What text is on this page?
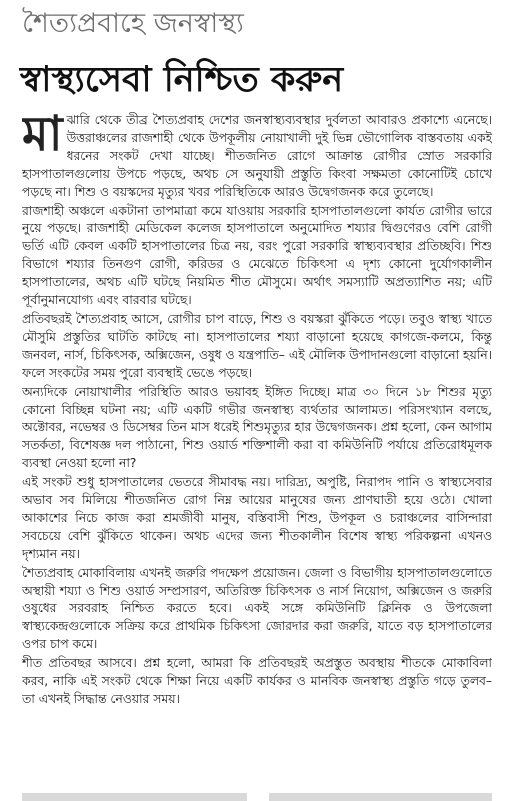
শৈত্যপ্রবাহে জনস্বাস্থ্য
স্বাস্থ্যসেবা নিশ্চিত করুন

মাঝারি থেকে তীব্র শৈত্যপ্রবাহ দেশের জনস্বাস্থ্যব্যবস্থার দুর্বলতা আবারও প্রকাশ্যে এনেছে। উত্তরাঞ্চলের রাজশাহী থেকে উপকূলীয় নোয়াখালী দুই ভিন্ন ভৌগোলিক বাস্তবতায় একই ধরনের সংকট দেখা যাচ্ছে। শীতজনিত রোগে আক্রান্ত রোগীর স্রোত সরকারি হাসপাতালগুলোয় উপচে পড়ছে, অথচ সে অনুযায়ী প্রস্তুতি কিংবা সক্ষমতা কোনোটিই চোখে পড়ছে না। শিশু ও বয়স্কদের মৃত্যুর খবর পরিস্থিতিকে আরও উদ্বেগজনক করে তুলেছে।

রাজশাহী অঞ্চলে একটানা তাপমাত্রা কমে যাওয়ায় সরকারি হাসপাতালগুলো কার্যত রোগীর ভারে নুয়ে পড়ছে। রাজশাহী মেডিকেল কলেজ হাসপাতালে অনুমোদিত শয্যার দ্বিগুণেরও বেশি রোগী ভর্তি এটি কেবল একটি হাসপাতালের চিত্র নয়, বরং পুরো সরকারি স্বাস্থ্যব্যবস্থার প্রতিচ্ছবি। শিশু বিভাগে শয্যার তিনগুণ রোগী, করিডর ও মেঝেতে চিকিৎসা এ দৃশ্য কোনো দুর্যোগকালীন হাসপাতালের, অথচ এটি ঘটছে নিয়মিত শীত মৌসুমে। অর্থাৎ সমস্যাটি অপ্রত্যাশিত নয়; এটি পূর্বানুমানযোগ্য এবং বারবার ঘটছে।

প্রতিবছরই শৈত্যপ্রবাহ আসে, রোগীর চাপ বাড়ে, শিশু ও বয়স্করা ঝুঁকিতে পড়ে। তবুও স্বাস্থ্য খাতে মৌসুমি প্রস্তুতির ঘাটতি কাটছে না। হাসপাতালের শয্যা বাড়ানো হয়েছে কাগজে-কলমে, কিন্তু জনবল, নার্স, চিকিৎসক, অক্সিজেন, ওষুধ ও যন্ত্রপাতি– এই মৌলিক উপাদানগুলো বাড়ানো হয়নি। ফলে সংকটের সময় পুরো ব্যবস্থাই ভেঙে পড়ছে।

অন্যদিকে নোয়াখালীর পরিস্থিতি আরও ভয়াবহ ইঙ্গিত দিচ্ছে। মাত্র ৩০ দিনে ১৮ শিশুর মৃত্যু কোনো বিচ্ছিন্ন ঘটনা নয়; এটি একটি গভীর জনস্বাস্থ্য ব্যর্থতার আলামত। পরিসংখ্যান বলছে, অক্টোবর, নভেম্বর ও ডিসেম্বর তিন মাস ধরেই শিশুমৃত্যুর হার উদ্বেগজনক। প্রশ্ন হলো, কেন আগাম সতর্কতা, বিশেষজ্ঞ দল পাঠানো, শিশু ওয়ার্ড শক্তিশালী করা বা কমিউনিটি পর্যায়ে প্রতিরোধমূলক ব্যবস্থা নেওয়া হলো না?

এই সংকট শুধু হাসপাতালের ভেতরে সীমাবদ্ধ নয়। দারিদ্র্য, অপুষ্টি, নিরাপদ পানি ও স্বাস্থ্যসেবার অভাব সব মিলিয়ে শীতজনিত রোগ নিম্ন আয়ের মানুষের জন্য প্রাণঘাতী হয়ে ওঠে। খোলা আকাশের নিচে কাজ করা শ্রমজীবী মানুষ, বস্তিবাসী শিশু, উপকূল ও চরাঞ্চলের বাসিন্দারা সবচেয়ে বেশি ঝুঁকিতে থাকেন। অথচ এদের জন্য শীতকালীন বিশেষ স্বাস্থ্য পরিকল্পনা এখনও দৃশ্যমান নয়।

শৈত্যপ্রবাহ মোকাবিলায় এখনই জরুরি পদক্ষেপ প্রয়োজন। জেলা ও বিভাগীয় হাসপাতালগুলোতে অস্থায়ী শয্যা ও শিশু ওয়ার্ড সম্প্রসারণ, অতিরিক্ত চিকিৎসক ও নার্স নিয়োগ, অক্সিজেন ও জরুরি ওষুধের সরবরাহ নিশ্চিত করতে হবে। একই সঙ্গে কমিউনিটি ক্লিনিক ও উপজেলা স্বাস্থ্যকেন্দ্রগুলোকে সক্রিয় করে প্রাথমিক চিকিৎসা জোরদার করা জরুরি, যাতে বড় হাসপাতালের ওপর চাপ কমে।

শীত প্রতিবছর আসবে। প্রশ্ন হলো, আমরা কি প্রতিবছরই অপ্রস্তুত অবস্থায় শীতকে মোকাবিলা করব, নাকি এই সংকট থেকে শিক্ষা নিয়ে একটি কার্যকর ও মানবিক জনস্বাস্থ্য প্রস্তুতি গড়ে তুলব– তা এখনই সিদ্ধান্ত নেওয়ার সময়।
